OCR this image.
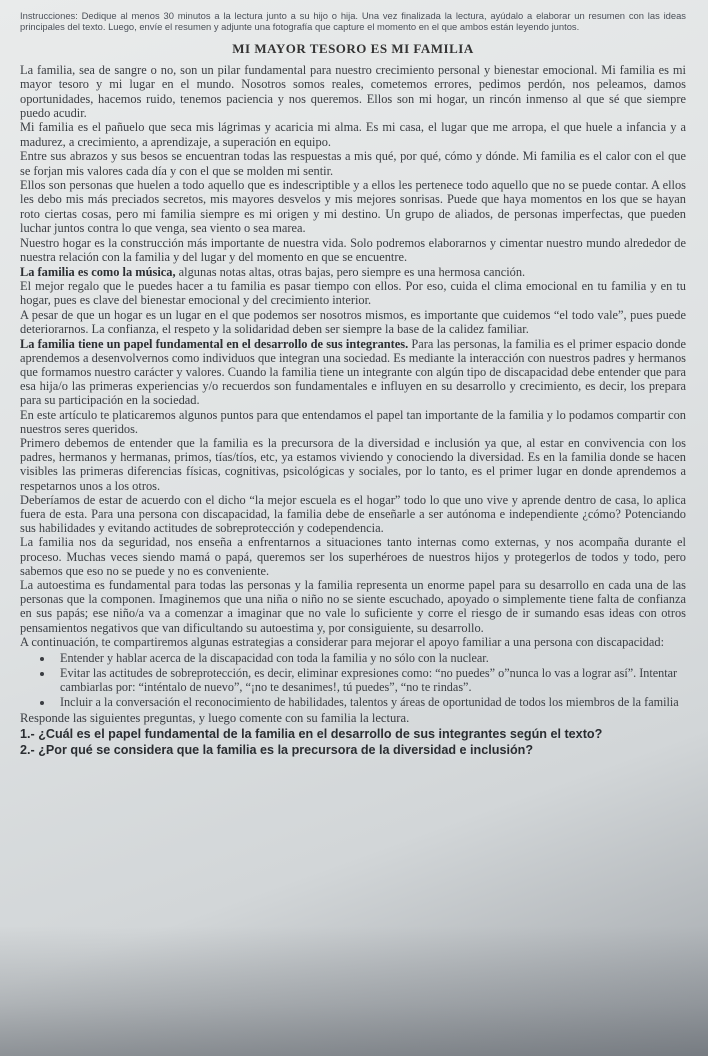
Instrucciones: Dedique al menos 30 minutos a la lectura junto a su hijo o hija. Una vez finalizada la lectura, ayúdalo a elaborar un resumen con las ideas principales del texto. Luego, envíe el resumen y adjunte una fotografía que capture el momento en el que ambos están leyendo juntos.

MI MAYOR TESORO ES MI FAMILIA

La familia, sea de sangre o no, son un pilar fundamental para nuestro crecimiento personal y bienestar emocional. Mi familia es mi mayor tesoro y mi lugar en el mundo. Nosotros somos reales, cometemos errores, pedimos perdón, nos peleamos, damos oportunidades, hacemos ruido, tenemos paciencia y nos queremos. Ellos son mi hogar, un rincón inmenso al que sé que siempre puedo acudir.

Mi familia es el pañuelo que seca mis lágrimas y acaricia mi alma. Es mi casa, el lugar que me arropa, el que huele a infancia y a madurez, a crecimiento, a aprendizaje, a superación en equipo.

Entre sus abrazos y sus besos se encuentran todas las respuestas a mis qué, por qué, cómo y dónde. Mi familia es el calor con el que se forjan mis valores cada día y con el que se molden mi sentir.

Ellos son personas que huelen a todo aquello que es indescriptible y a ellos les pertenece todo aquello que no se puede contar. A ellos les debo mis más preciados secretos, mis mayores desvelos y mis mejores sonrisas. Puede que haya momentos en los que se hayan roto ciertas cosas, pero mi familia siempre es mi origen y mi destino. Un grupo de aliados, de personas imperfectas, que pueden luchar juntos contra lo que venga, sea viento o sea marea.

Nuestro hogar es la construcción más importante de nuestra vida. Solo podremos elaborarnos y cimentar nuestro mundo alrededor de nuestra relación con la familia y del lugar y del momento en que se encuentre.

La familia es como la música, algunas notas altas, otras bajas, pero siempre es una hermosa canción.

El mejor regalo que le puedes hacer a tu familia es pasar tiempo con ellos. Por eso, cuida el clima emocional en tu familia y en tu hogar, pues es clave del bienestar emocional y del crecimiento interior.

A pesar de que un hogar es un lugar en el que podemos ser nosotros mismos, es importante que cuidemos “el todo vale”, pues puede deteriorarnos. La confianza, el respeto y la solidaridad deben ser siempre la base de la calidez familiar.

La familia tiene un papel fundamental en el desarrollo de sus integrantes. Para las personas, la familia es el primer espacio donde aprendemos a desenvolvernos como individuos que integran una sociedad. Es mediante la interacción con nuestros padres y hermanos que formamos nuestro carácter y valores. Cuando la familia tiene un integrante con algún tipo de discapacidad debe entender que para esa hija/o las primeras experiencias y/o recuerdos son fundamentales e influyen en su desarrollo y crecimiento, es decir, los prepara para su participación en la sociedad.

En este artículo te platicaremos algunos puntos para que entendamos el papel tan importante de la familia y lo podamos compartir con nuestros seres queridos.

Primero debemos de entender que la familia es la precursora de la diversidad e inclusión ya que, al estar en convivencia con los padres, hermanos y hermanas, primos, tías/tíos, etc, ya estamos viviendo y conociendo la diversidad. Es en la familia donde se hacen visibles las primeras diferencias físicas, cognitivas, psicológicas y sociales, por lo tanto, es el primer lugar en donde aprendemos a respetarnos unos a los otros.

Deberíamos de estar de acuerdo con el dicho “la mejor escuela es el hogar” todo lo que uno vive y aprende dentro de casa, lo aplica fuera de esta. Para una persona con discapacidad, la familia debe de enseñarle a ser autónoma e independiente ¿cómo? Potenciando sus habilidades y evitando actitudes de sobreprotección y codependencia.

La familia nos da seguridad, nos enseña a enfrentarnos a situaciones tanto internas como externas, y nos acompaña durante el proceso. Muchas veces siendo mamá o papá, queremos ser los superhéroes de nuestros hijos y protegerlos de todos y todo, pero sabemos que eso no se puede y no es conveniente.

La autoestima es fundamental para todas las personas y la familia representa un enorme papel para su desarrollo en cada una de las personas que la componen. Imaginemos que una niña o niño no se siente escuchado, apoyado o simplemente tiene falta de confianza en sus papás; ese niño/a va a comenzar a imaginar que no vale lo suficiente y corre el riesgo de ir sumando esas ideas con otros pensamientos negativos que van dificultando su autoestima y, por consiguiente, su desarrollo.

A continuación, te compartiremos algunas estrategias a considerar para mejorar el apoyo familiar a una persona con discapacidad:

• Entender y hablar acerca de la discapacidad con toda la familia y no sólo con la nuclear.
• Evitar las actitudes de sobreprotección, es decir, eliminar expresiones como: “no puedes” o”nunca lo vas a lograr así”. Intentar cambiarlas por: “inténtalo de nuevo”, “¡no te desanimes!, tú puedes”, “no te rindas”.
• Incluir a la conversación el reconocimiento de habilidades, talentos y áreas de oportunidad de todos los miembros de la familia

Responde las siguientes preguntas, y luego comente con su familia la lectura.

1.- ¿Cuál es el papel fundamental de la familia en el desarrollo de sus integrantes según el texto?

2.- ¿Por qué se considera que la familia es la precursora de la diversidad e inclusión?
